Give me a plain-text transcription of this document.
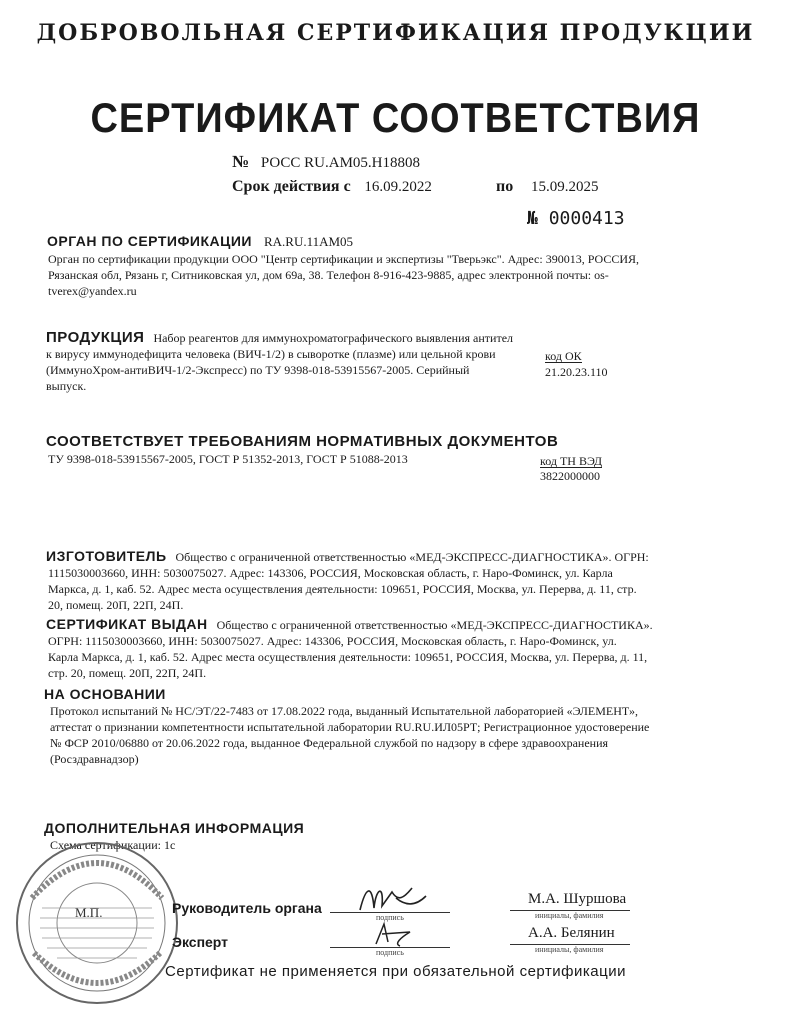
ДОБРОВОЛЬНАЯ СЕРТИФИКАЦИЯ ПРОДУКЦИИ
СЕРТИФИКАТ СООТВЕТСТВИЯ
№ РОСС RU.АМ05.Н18808
Срок действия с 16.09.2022	по 15.09.2025
№ 0000413
ОРГАН ПО СЕРТИФИКАЦИИ RA.RU.11АМ05
Орган по сертификации продукции ООО "Центр сертификации и экспертизы "Тверьэкс". Адрес: 390013, РОССИЯ,
Рязанская обл, Рязань г, Ситниковская ул, дом 69а, 38. Телефон 8-916-423-9885, адрес электронной почты: os-
tverex@yandex.ru
ПРОДУКЦИЯ Набор реагентов для иммунохроматографического выявления антител
к вирусу иммунодефицита человека (ВИЧ-1/2) в сыворотке (плазме) или цельной крови
(ИммуноХром-антиВИЧ-1/2-Экспресс) по ТУ 9398-018-53915567-2005. Серийный
выпуск.
код ОК
21.20.23.110
СООТВЕТСТВУЕТ ТРЕБОВАНИЯМ НОРМАТИВНЫХ ДОКУМЕНТОВ
ТУ 9398-018-53915567-2005, ГОСТ Р 51352-2013, ГОСТ Р 51088-2013	код ТН ВЭД
3822000000
ИЗГОТОВИТЕЛЬ Общество с ограниченной ответственностью «МЕД-ЭКСПРЕСС-ДИАГНОСТИКА». ОГРН:
1115030003660, ИНН: 5030075027. Адрес: 143306, РОССИЯ, Московская область, г. Наро-Фоминск, ул. Карла
Маркса, д. 1, каб. 52. Адрес места осуществления деятельности: 109651, РОССИЯ, Москва, ул. Перерва, д. 11, стр.
20, помещ. 20П, 22П, 24П.
СЕРТИФИКАТ ВЫДАН Общество с ограниченной ответственностью «МЕД-ЭКСПРЕСС-ДИАГНОСТИКА».
ОГРН: 1115030003660, ИНН: 5030075027. Адрес: 143306, РОССИЯ, Московская область, г. Наро-Фоминск, ул.
Карла Маркса, д. 1, каб. 52. Адрес места осуществления деятельности: 109651, РОССИЯ, Москва, ул. Перерва, д. 11,
стр. 20, помещ. 20П, 22П, 24П.
НА ОСНОВАНИИ
Протокол испытаний № НС/ЭТ/22-7483 от 17.08.2022 года, выданный Испытательной лабораторией «ЭЛЕМЕНТ»,
аттестат о признании компетентности испытательной лаборатории RU.RU.ИЛ05РТ; Регистрационное удостоверение
№ ФСР 2010/06880 от 20.06.2022 года, выданное Федеральной службой по надзору в сфере здравоохранения
(Росздравнадзор)
ДОПОЛНИТЕЛЬНАЯ ИНФОРМАЦИЯ
Схема сертификации: 1с
М.П.	Руководитель органа
подпись
М.А. Шуршова
инициалы, фамилия
Эксперт
подпись
А.А. Белянин
инициалы, фамилия
Сертификат не применяется при обязательной сертификации
